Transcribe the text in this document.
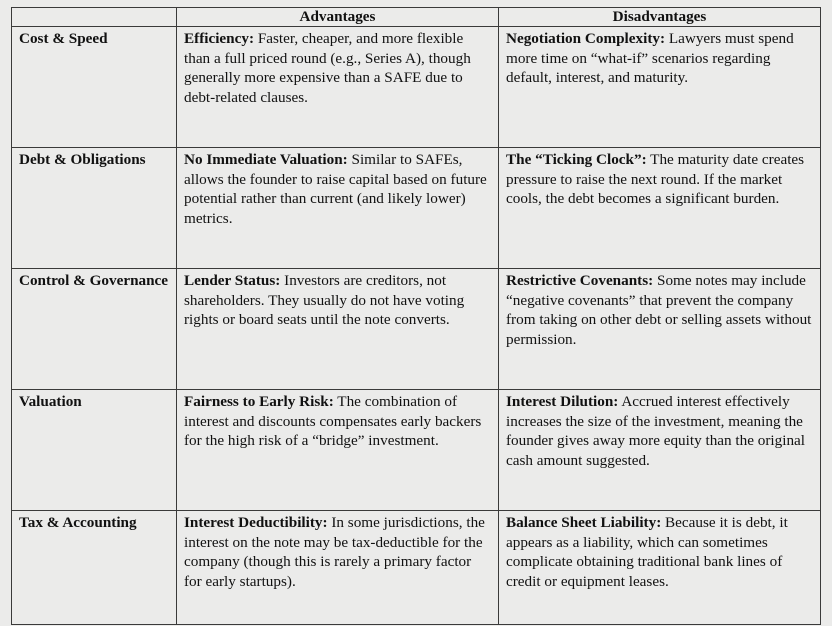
	Advantages	Disadvantages
Cost & Speed	Efficiency: Faster, cheaper, and more flexible than a full priced round (e.g., Series A), though generally more expensive than a SAFE due to debt-related clauses.	Negotiation Complexity: Lawyers must spend more time on “what-if” scenarios regarding default, interest, and maturity.
Debt & Obligations	No Immediate Valuation: Similar to SAFEs, allows the founder to raise capital based on future potential rather than current (and likely lower) metrics.	The “Ticking Clock”: The maturity date creates pressure to raise the next round. If the market cools, the debt becomes a significant burden.
Control & Governance	Lender Status: Investors are creditors, not shareholders. They usually do not have voting rights or board seats until the note converts.	Restrictive Covenants: Some notes may include “negative covenants” that prevent the company from taking on other debt or selling assets without permission.
Valuation	Fairness to Early Risk: The combination of interest and discounts compensates early backers for the high risk of a “bridge” investment.	Interest Dilution: Accrued interest effectively increases the size of the investment, meaning the founder gives away more equity than the original cash amount suggested.
Tax & Accounting	Interest Deductibility: In some jurisdictions, the interest on the note may be tax-deductible for the company (though this is rarely a primary factor for early startups).	Balance Sheet Liability: Because it is debt, it appears as a liability, which can sometimes complicate obtaining traditional bank lines of credit or equipment leases.
